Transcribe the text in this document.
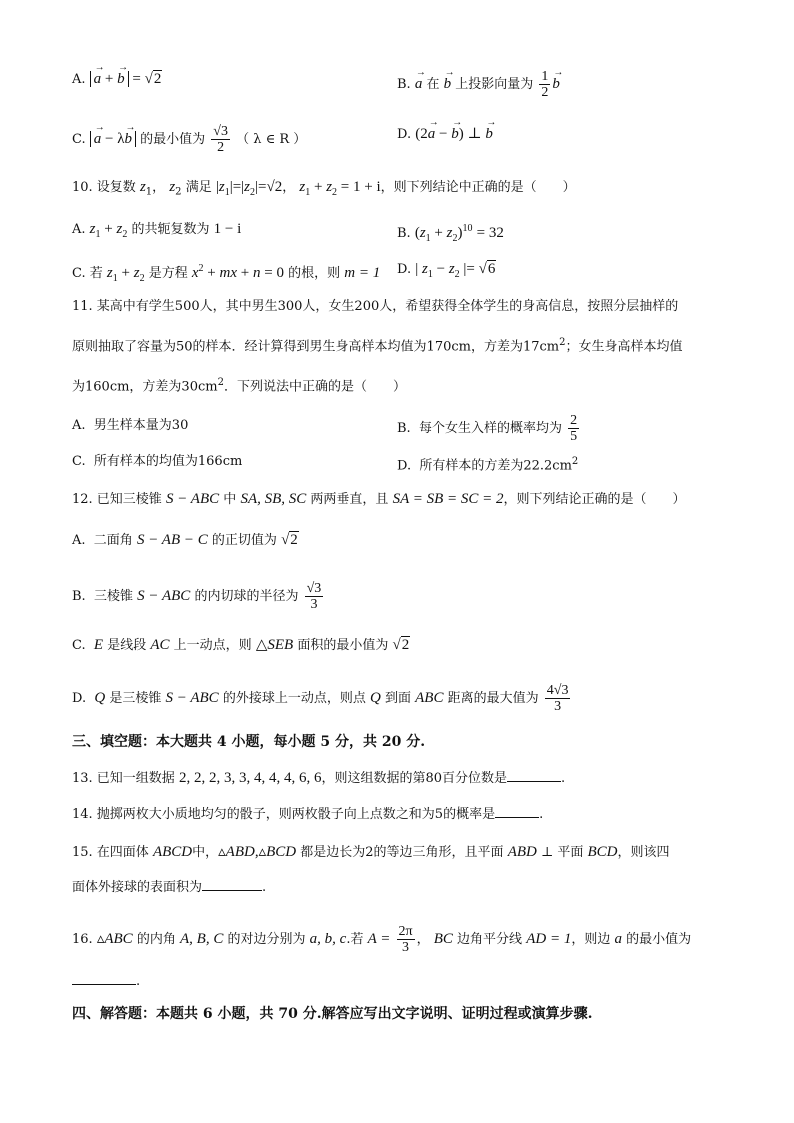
A. a → + b → = √2	B. a → 在 b → 上投影向量为 $\frac{1}{2}$ b →
C. a → − λb → 的最小值为 $\frac{√3}{2}$ （ λ ∈ R ）	D. (2a → − b →) ⊥ b →
10. 设复数 $z_1$， $z_2$ 满足 $|z_1|=|z_2|=√2$， $z_1 + z_2 = 1 + i$，则下列结论中正确的是（　　）
A. $z_1 + z_2$ 的共轭复数为 1 − i	B. $(z_1 + z_2)^{10} = 32$
C. 若 $z_1 + z_2$ 是方程 $x^2$ + mx + n = 0 的根，则 m = 1 D. | $z_1 - z_2$ |= √6
11. 某高中有学生500人，其中男生300人，女生200人，希望获得全体学生的身高信息，按照分层抽样的
原则抽取了容量为50的样本．经计算得到男生身高样本均值为170cm，方差为$17cm^2$；女生身高样本均值
为160cm，方差为$30cm^2$．下列说法中正确的是（　　）
A. 男生样本量为30	B. 每个女生入样的概率均为 $\frac{2}{5}$
C. 所有样本的均值为166cm	D. 所有样本的方差为$22.2cm^2$
12. 已知三棱锥 S − ABC 中 SA, SB, SC 两两垂直，且 SA = SB = SC = 2，则下列结论正确的是（　　）
A. 二面角 S − AB − C 的正切值为 √2
B. 三棱锥 S − ABC 的内切球的半径为 $\frac{√3}{3}$
C. E 是线段 AC 上一动点，则 △SEB 面积的最小值为 √2
D. Q 是三棱锥 S − ABC 的外接球上一动点，则点 Q 到面 ABC 距离的最大值为 $\frac{4√3}{3}$
三、填空题：本大题共 4 小题，每小题 5 分，共 20 分.
13. 已知一组数据 2, 2, 2, 3, 3, 4, 4, 4, 6, 6，则这组数据的第80百分位数是	.
14. 抛掷两枚大小质地均匀的骰子，则两枚骰子向上点数之和为5的概率是	.
15. 在四面体 ABCD中，▵ABD,▵BCD 都是边长为2的等边三角形，且平面 ABD ⊥ 平面 BCD，则该四
面体外接球的表面积为	.
16. ▵ABC 的内角 A, B, C 的对边分别为 a, b, c.若 $A = \frac{2\pi}{3}$ ， BC 边角平分线 AD = 1，则边 a 的最小值为
.
四、解答题：本题共 6 小题，共 70 分.解答应写出文字说明、证明过程或演算步骤.
